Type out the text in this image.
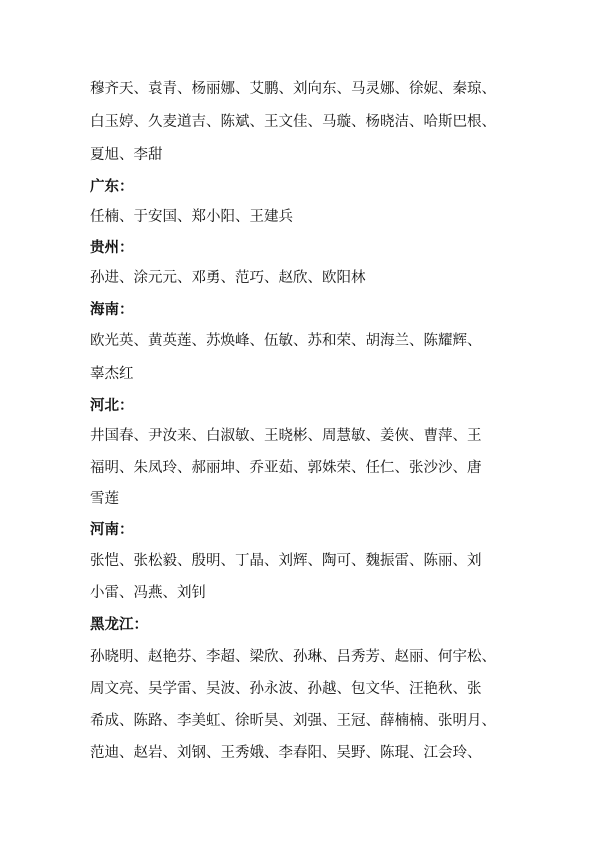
穆齐天、袁青、杨丽娜、艾鹏、刘向东、马灵娜、徐妮、秦琼、
白玉婷、久麦道吉、陈斌、王文佳、马璇、杨晓洁、哈斯巴根、
夏旭、李甜
广东：
任楠、于安国、郑小阳、王建兵
贵州：
孙进、涂元元、邓勇、范巧、赵欣、欧阳林
海南：
欧光英、黄英莲、苏焕峰、伍敏、苏和荣、胡海兰、陈耀辉、
辜杰红
河北：
井国春、尹汝来、白淑敏、王晓彬、周慧敏、姜俠、曹萍、王
福明、朱凤玲、郝丽坤、乔亚茹、郭姝荣、任仁、张沙沙、唐
雪莲
河南：
张恺、张松毅、殷明、丁晶、刘辉、陶可、魏振雷、陈丽、刘
小雷、冯燕、刘钊
黑龙江：
孙晓明、赵艳芬、李超、梁欣、孙琳、吕秀芳、赵丽、何宇松、
周文亮、吴学雷、吴波、孙永波、孙越、包文华、汪艳秋、张
希成、陈路、李美虹、徐昕昊、刘强、王冠、薛楠楠、张明月、
范迪、赵岩、刘钢、王秀娥、李春阳、吴野、陈琨、江会玲、
